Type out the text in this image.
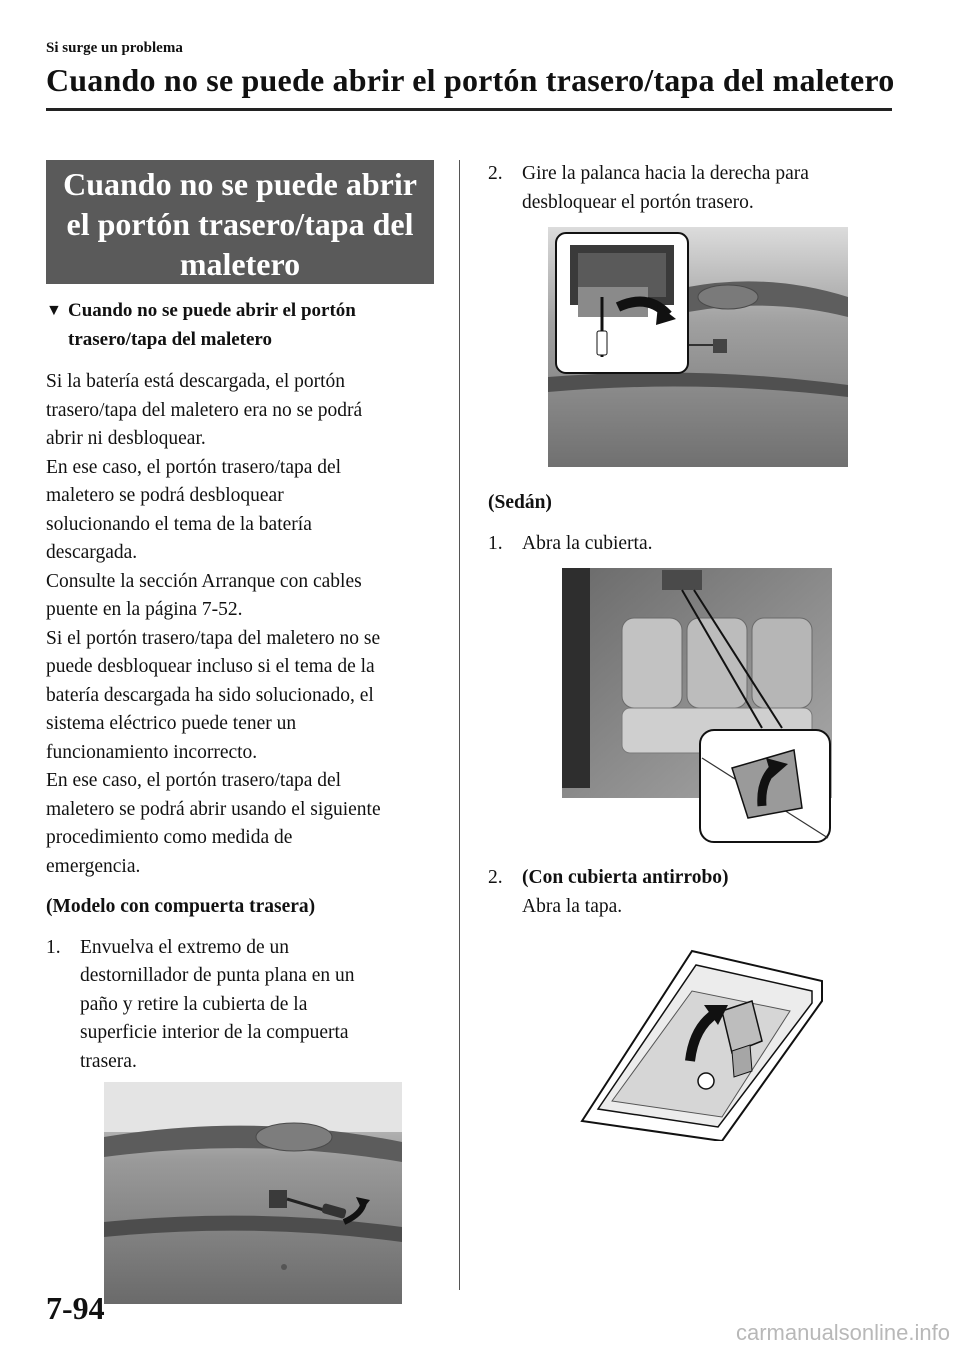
Si surge un problema
Cuando no se puede abrir el portón trasero/tapa del maletero
Cuando no se puede abrir
el portón trasero/tapa del
maletero
▼ Cuando no se puede abrir el portón
trasero/tapa del maletero
Si la batería está descargada, el portón
trasero/tapa del maletero era no se podrá
abrir ni desbloquear.
En ese caso, el portón trasero/tapa del
maletero se podrá desbloquear
solucionando el tema de la batería
descargada.
Consulte la sección Arranque con cables
puente en la página 7-52.
Si el portón trasero/tapa del maletero no se
puede desbloquear incluso si el tema de la
batería descargada ha sido solucionado, el
sistema eléctrico puede tener un
funcionamiento incorrecto.
En ese caso, el portón trasero/tapa del
maletero se podrá abrir usando el siguiente
procedimiento como medida de
emergencia.
(Modelo con compuerta trasera)
1. Envuelva el extremo de un
destornillador de punta plana en un
paño y retire la cubierta de la
superficie interior de la compuerta
trasera.
2. Gire la palanca hacia la derecha para
desbloquear el portón trasero.
(Sedán)
1. Abra la cubierta.
2. (Con cubierta antirrobo)
Abra la tapa.
7-94
carmanualsonline.info
